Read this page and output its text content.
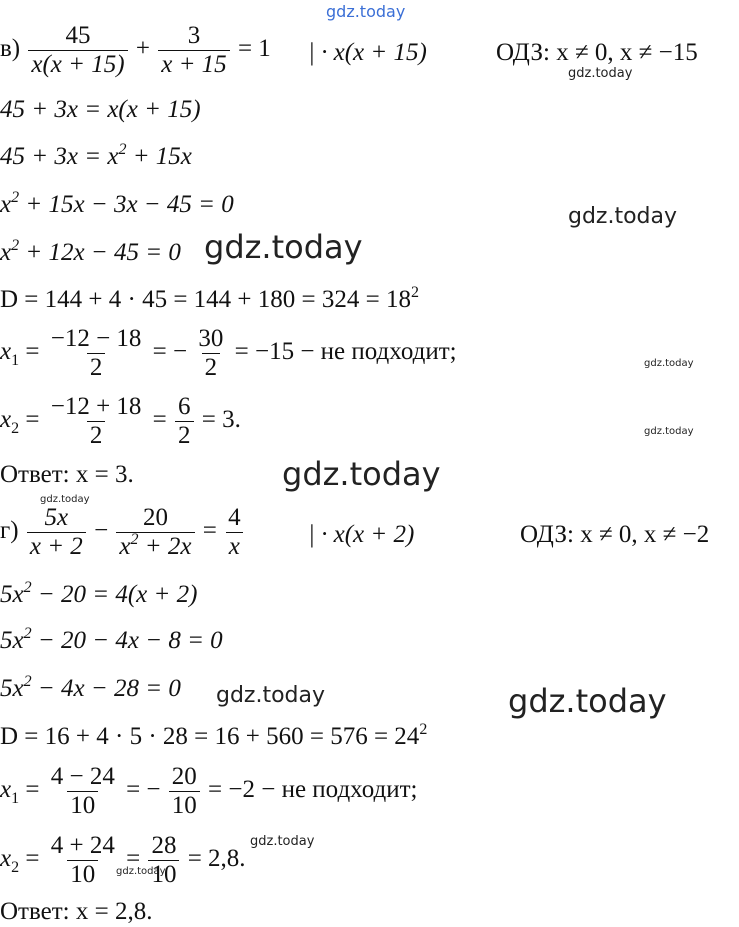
gdz.today
gdz.today
gdz.today
gdz.today
gdz.today
gdz.today
gdz.today
gdz.today
gdz.today	gdz.today
gdz.today
gdz.today
$в) \frac{45}{x(x + 15)} + \frac{3}{x + 15} = 1$ | · x(x + 15)	ОДЗ: x ≠ 0, x ≠ −15
45 + 3x = x(x + 15)
$45 + 3x = x^2 + 15x$
$x^2 + 15x - 3x - 45 = 0$
$x^2 + 12x - 45 = 0$
$D = 144 + 4 \cdot 45 = 144 + 180 = 324 = 18^2$
$x_1 = \frac{-12 - 18}{2}$ = − $\frac{30}{2} = -15$ − не подходит;
$x_2 = \frac{-12 + 18}{2} = \frac{6}{2} = 3$.
Ответ: x = 3.
$г) \frac{5x}{x + 2} - \frac{20}{x^2 + 2x} = \frac{4}{x}$	| · x(x + 2)	ОДЗ: x ≠ 0, x ≠ −2
$5x^2 - 20 = 4(x + 2)$
$5x^2 - 20 - 4x - 8 = 0$
$5x^2 - 4x - 28 = 0$
$D = 16 + 4 \cdot 5 \cdot 28 = 16 + 560 = 576 = 24^2$
$x_1 = \frac{4 - 24}{10}$ = − $\frac{20}{10} = -2$ − не подходит;
$x_2 = \frac{4 + 24}{10} = \frac{28}{10} = 2,8$.
Ответ: x = 2,8.
